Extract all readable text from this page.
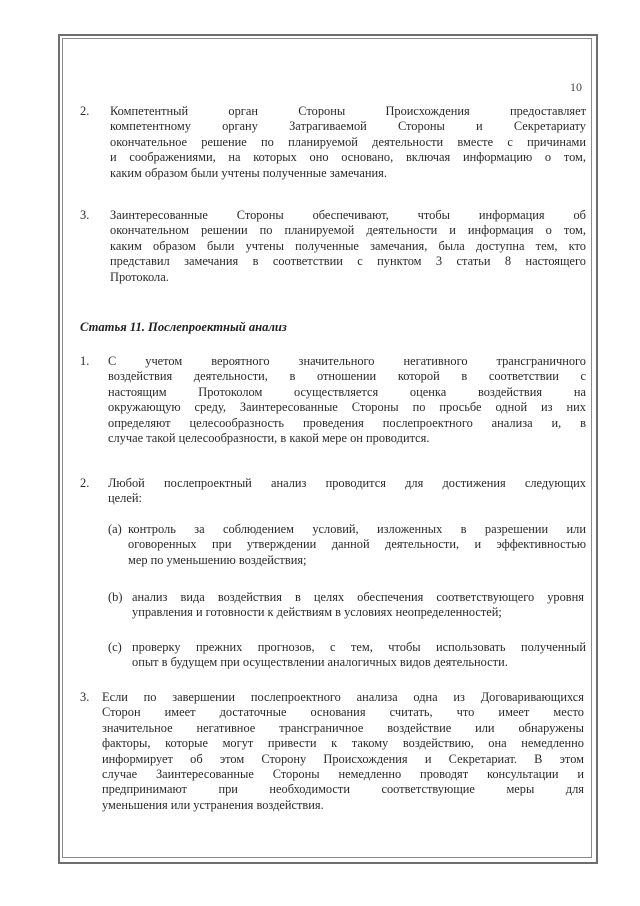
10
2.	Компетентный орган Стороны Происхождения предоставляет
компетентному органу Затрагиваемой Стороны и Секретариату
окончательное решение по планируемой деятельности вместе с причинами
и соображениями, на которых оно основано, включая информацию о том,
каким образом были учтены полученные замечания.
3.	Заинтересованные Стороны обеспечивают, чтобы информация об
окончательном решении по планируемой деятельности и информация о том,
каким образом были учтены полученные замечания, была доступна тем, кто
представил замечания в соответствии с пунктом 3 статьи 8 настоящего
Протокола.
Статья 11. Послепроектный анализ
1.	С учетом вероятного значительного негативного трансграничного
воздействия деятельности, в отношении которой в соответствии с
настоящим Протоколом осуществляется оценка воздействия на
окружающую среду, Заинтересованные Стороны по просьбе одной из них
определяют целесообразность проведения послепроектного анализа и, в
случае такой целесообразности, в какой мере он проводится.
2.	Любой послепроектный анализ проводится для достижения следующих
целей:
(a) контроль за соблюдением условий, изложенных в разрешении или
оговоренных при утверждении данной деятельности, и эффективностью
мер по уменьшению воздействия;
(b) анализ вида воздействия в целях обеспечения соответствующего уровня
управления и готовности к действиям в условиях неопределенностей;
(c) проверку прежних прогнозов, с тем, чтобы использовать полученный
опыт в будущем при осуществлении аналогичных видов деятельности.
3.	Если по завершении послепроектного анализа одна из Договаривающихся
Сторон имеет достаточные основания считать, что имеет место
значительное негативное трансграничное воздействие или обнаружены
факторы, которые могут привести к такому воздействию, она немедленно
информирует об этом Сторону Происхождения и Секретариат. В этом
случае Заинтересованные Стороны немедленно проводят консультации и
предпринимают при необходимости соответствующие меры для
уменьшения или устранения воздействия.
